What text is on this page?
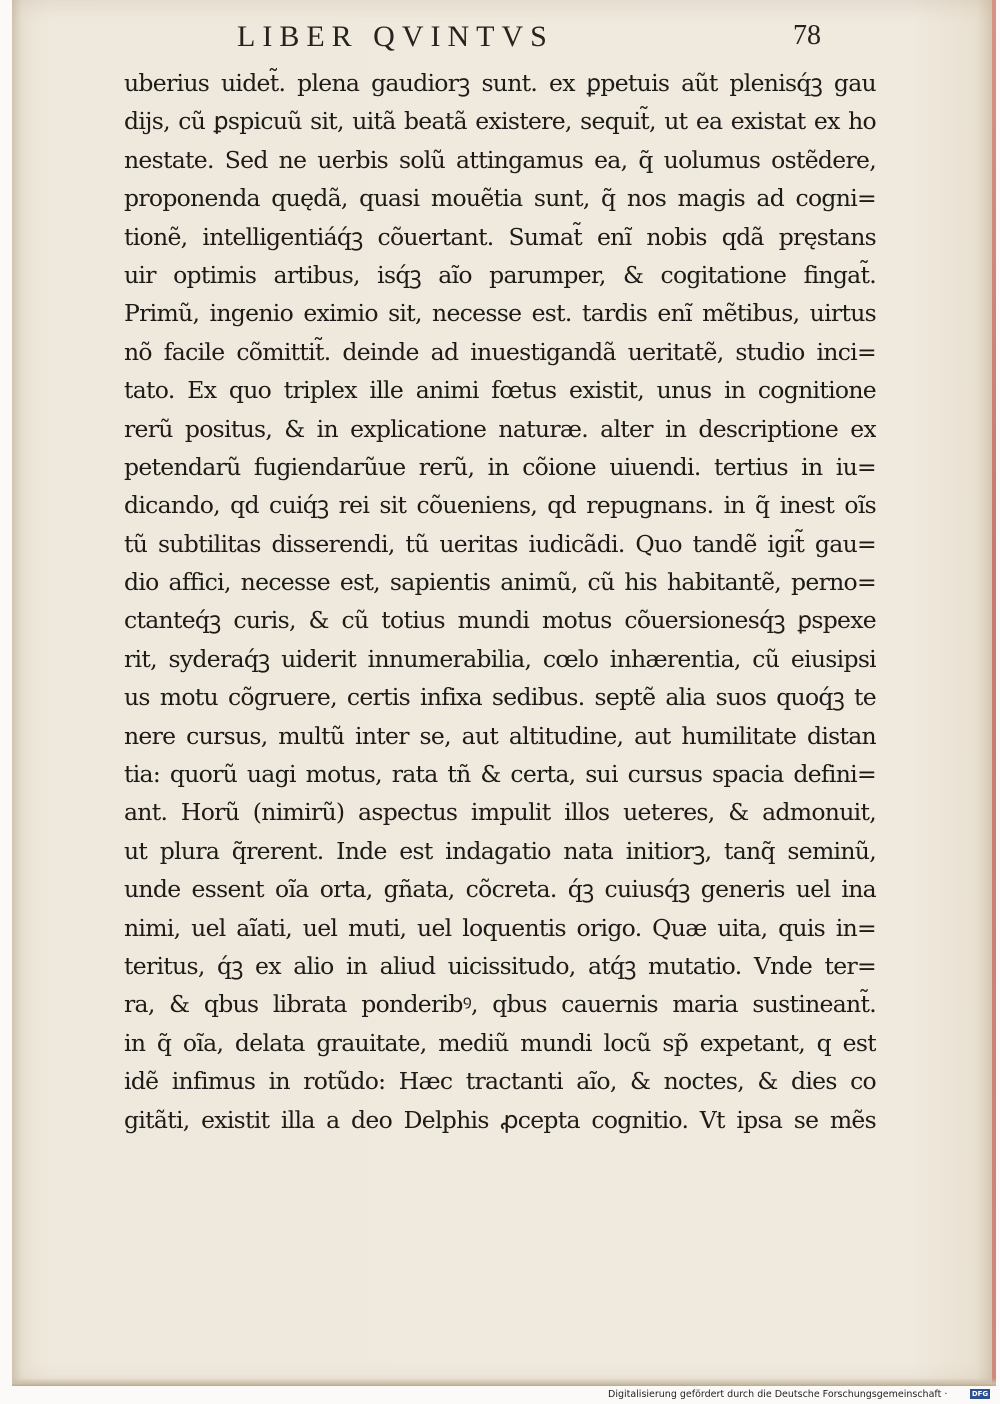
LIBER QVINTVS	78
uberius uidet̃. plena gaudiorꝫ sunt. ex ꝑpetuis aũt plenisq́ꝫ gau
dijs, cũ ꝑspicuũ sit, uitã beatã existere, sequit̃, ut ea existat ex ho
nestate. Sed ne uerbis solũ attingamus ea, q̃ uolumus ostẽdere,
proponenda quędã, quasi mouẽtia sunt, q̃ nos magis ad cogni=
tionẽ, intelligentiáq́ꝫ cõuertant. Sumat̃ enĩ nobis qdã pręstans
uir optimis artibus, isq́ꝫ aĩo parumper, & cogitatione fingat̃.
Primũ, ingenio eximio sit, necesse est. tardis enĩ mẽtibus, uirtus
nõ facile cõmittit̃. deinde ad inuestigandã ueritatẽ, studio inci=
tato. Ex quo triplex ille animi fœtus existit, unus in cognitione
rerũ positus, & in explicatione naturæ. alter in descriptione ex
petendarũ fugiendarũue rerũ, in cõione uiuendi. tertius in iu=
dicando, qd cuiq́ꝫ rei sit cõueniens, qd repugnans. in q̃ inest oĩs
tũ subtilitas disserendi, tũ ueritas iudicãdi. Quo tandẽ igit̃ gau=
dio affici, necesse est, sapientis animũ, cũ his habitantẽ, perno=
ctanteq́ꝫ curis, & cũ totius mundi motus cõuersionesq́ꝫ ꝑspexe
rit, syderaq́ꝫ uiderit innumerabilia, cœlo inhærentia, cũ eiusipsi
us motu cõgruere, certis infixa sedibus. septẽ alia suos quoq́ꝫ te
nere cursus, multũ inter se, aut altitudine, aut humilitate distan
tia: quorũ uagi motus, rata tñ & certa, sui cursus spacia defini=
ant. Horũ (nimirũ) aspectus impulit illos ueteres, & admonuit,
ut plura q̃rerent. Inde est indagatio nata initiorꝫ, tanq̃ seminũ,
unde essent oĩa orta, gñata, cõcreta. q́ꝫ cuiusq́ꝫ generis uel ina
nimi, uel aĩati, uel muti, uel loquentis origo. Quæ uita, quis in=
teritus, q́ꝫ ex alio in aliud uicissitudo, atq́ꝫ mutatio. Vnde ter=
ra, & qbus librata ponderibꝰ, qbus cauernis maria sustineant̃.
in q̃ oĩa, delata grauitate, mediũ mundi locũ sp̃ expetant, q est
idẽ infimus in rotũdo: Hæc tractanti aĩo, & noctes, & dies co
gitãti, existit illa a deo Delphis ꝓcepta cognitio. Vt ipsa se mẽs
Digitalisierung gefördert durch die Deutsche Forschungsgemeinschaft ·	DFG
